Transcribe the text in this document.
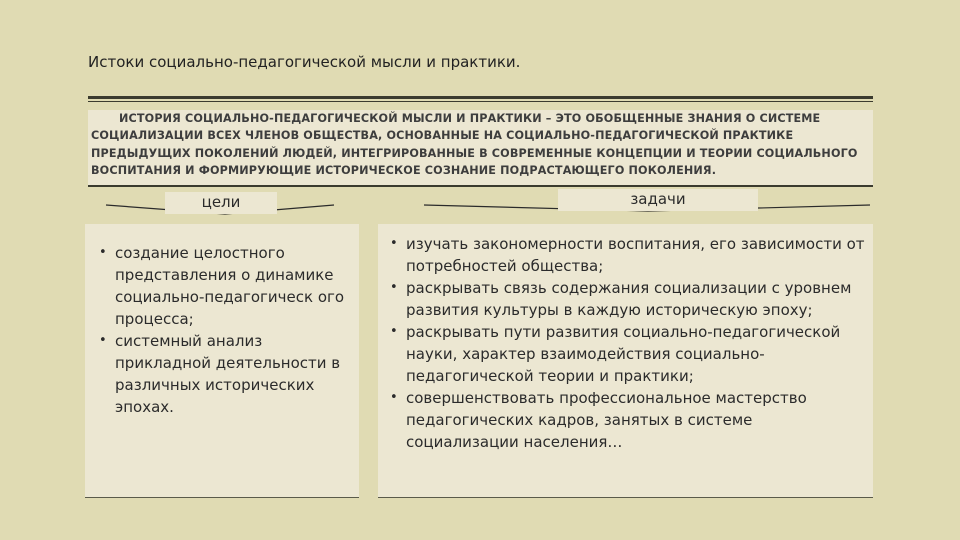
Истоки социально-педагогической мысли и практики.
ИСТОРИЯ СОЦИАЛЬНО-ПЕДАГОГИЧЕСКОЙ МЫСЛИ И ПРАКТИКИ – ЭТО ОБОБЩЕННЫЕ ЗНАНИЯ О СИСТЕМЕ СОЦИАЛИЗАЦИИ ВСЕХ ЧЛЕНОВ ОБЩЕСТВА, ОСНОВАННЫЕ НА СОЦИАЛЬНО-ПЕДАГОГИЧЕСКОЙ ПРАКТИКЕ ПРЕДЫДУЩИХ ПОКОЛЕНИЙ ЛЮДЕЙ, ИНТЕГРИРОВАННЫЕ В СОВРЕМЕННЫЕ КОНЦЕПЦИИ И ТЕОРИИ СОЦИАЛЬНОГО ВОСПИТАНИЯ И ФОРМИРУЮЩИЕ ИСТОРИЧЕСКОЕ СОЗНАНИЕ ПОДРАСТАЮЩЕГО ПОКОЛЕНИЯ.
цели	задачи
• создание целостного представления о динамике социально-педагогическ ого процесса;
• системный анализ прикладной деятельности в различных исторических эпохах.
• изучать закономерности воспитания, его зависимости от потребностей общества;
• раскрывать связь содержания социализации с уровнем развития культуры в каждую историческую эпоху;
• раскрывать пути развития социально-педагогической науки, характер взаимодействия социально-педагогической теории и практики;
• совершенствовать профессиональное мастерство педагогических кадров, занятых в системе социализации населения…
